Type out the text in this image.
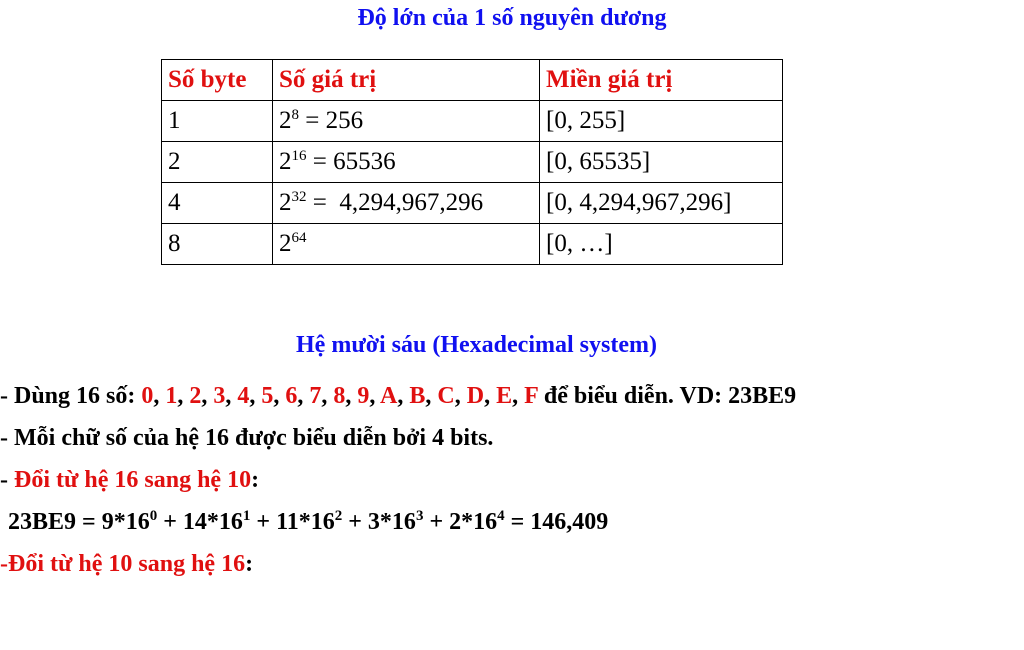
Độ lớn của 1 số nguyên dương
Số byte	Số giá trị	Miền giá trị
1	$2^8 = 256$	[0, 255]
2	$2^{16} = 65536$	[0, 65535]
4	$2^{32} = 4,294,967,296$	[0, 4,294,967,296]
8	$2^{64}$	[0, …]
Hệ mười sáu (Hexadecimal system)
- Dùng 16 số: 0, 1, 2, 3, 4, 5, 6, 7, 8, 9, A, B, C, D, E, F để biểu diễn. VD: 23BE9
- Mỗi chữ số của hệ 16 được biểu diễn bởi 4 bits.
- Đổi từ hệ 16 sang hệ 10:
$23BE9 = 9*16^0 + 14*16^1 + 11*16^2 + 3*16^3 + 2*16^4 = 146,409$
-Đổi từ hệ 10 sang hệ 16:
